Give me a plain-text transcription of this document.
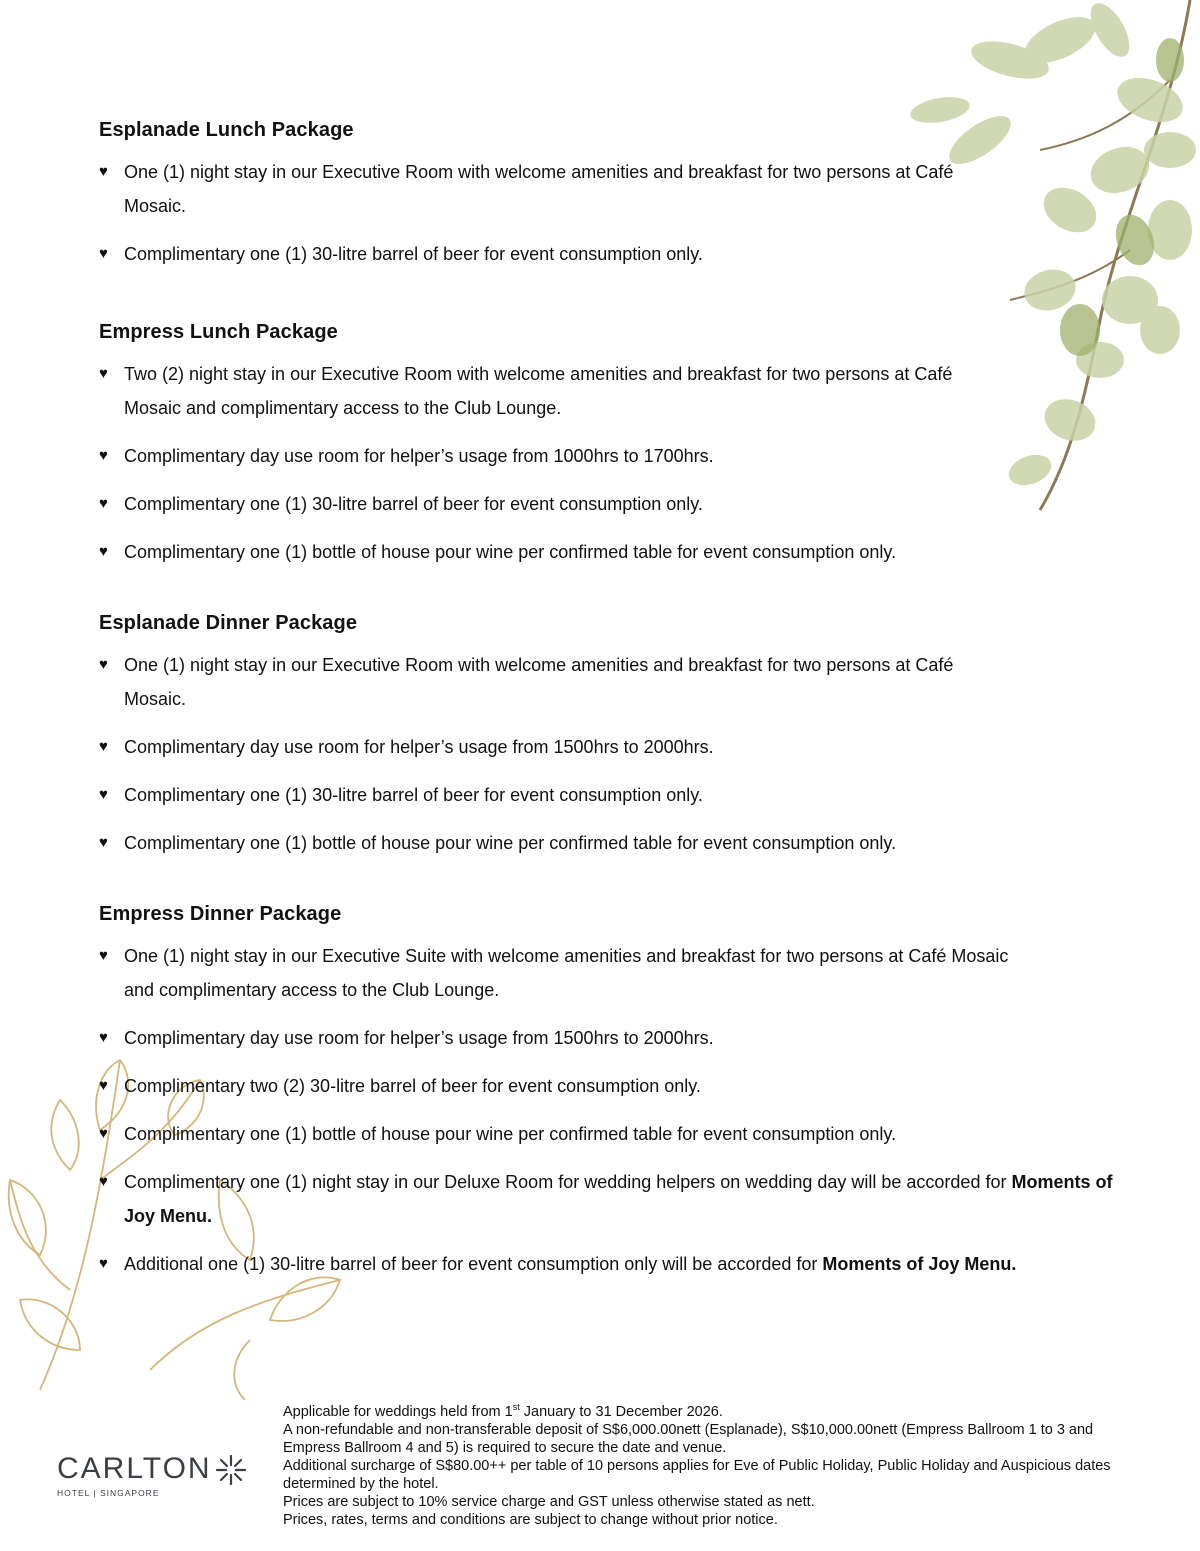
Esplanade Lunch Package
♥ One (1) night stay in our Executive Room with welcome amenities and breakfast for two persons at Café Mosaic.
♥ Complimentary one (1) 30-litre barrel of beer for event consumption only.
Empress Lunch Package
♥ Two (2) night stay in our Executive Room with welcome amenities and breakfast for two persons at Café Mosaic and complimentary access to the Club Lounge.
♥ Complimentary day use room for helper’s usage from 1000hrs to 1700hrs.
♥ Complimentary one (1) 30-litre barrel of beer for event consumption only.
♥ Complimentary one (1) bottle of house pour wine per confirmed table for event consumption only.
Esplanade Dinner Package
♥ One (1) night stay in our Executive Room with welcome amenities and breakfast for two persons at Café Mosaic.
♥ Complimentary day use room for helper’s usage from 1500hrs to 2000hrs.
♥ Complimentary one (1) 30-litre barrel of beer for event consumption only.
♥ Complimentary one (1) bottle of house pour wine per confirmed table for event consumption only.
Empress Dinner Package
♥ One (1) night stay in our Executive Suite with welcome amenities and breakfast for two persons at Café Mosaic and complimentary access to the Club Lounge.
♥ Complimentary day use room for helper’s usage from 1500hrs to 2000hrs.
♥ Complimentary two (2) 30-litre barrel of beer for event consumption only.
♥ Complimentary one (1) bottle of house pour wine per confirmed table for event consumption only.
♥ Complimentary one (1) night stay in our Deluxe Room for wedding helpers on wedding day will be accorded for Moments of Joy Menu.
♥ Additional one (1) 30-litre barrel of beer for event consumption only will be accorded for Moments of Joy Menu.
CARLTON
HOTEL | SINGAPORE

Applicable for weddings held from 1st January to 31 December 2026.

A non-refundable and non-transferable deposit of S$6,000.00nett (Esplanade), S$10,000.00nett (Empress Ballroom 1 to 3 and Empress Ballroom 4 and 5) is required to secure the date and venue.

Additional surcharge of S$80.00++ per table of 10 persons applies for Eve of Public Holiday, Public Holiday and Auspicious dates determined by the hotel.

Prices are subject to 10% service charge and GST unless otherwise stated as nett.

Prices, rates, terms and conditions are subject to change without prior notice.
